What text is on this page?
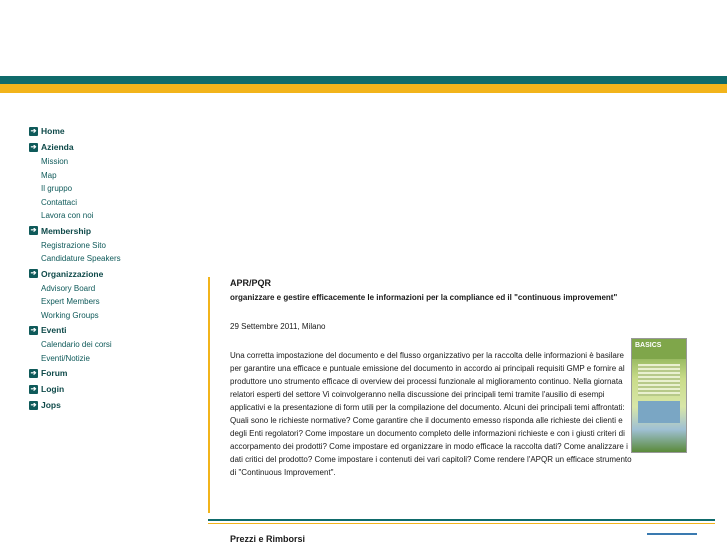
➔ Home
➔ Azienda
Mission
Map
Il gruppo
Contattaci
Lavora con noi
➔ Membership
Registrazione Sito
Candidature Speakers
➔ Organizzazione
Advisory Board
Expert Members
Working Groups
➔ Eventi
Calendario dei corsi
Eventi/Notizie
➔ Forum
➔ Login
➔ Jops
APR/PQR
organizzare e gestire efficacemente le informazioni per la compliance ed il "continuous improvement"
29 Settembre 2011, Milano
Una corretta impostazione del documento e del flusso organizzativo per la raccolta delle informazioni è basilare per garantire una efficace e puntuale emissione del documento in accordo ai principali requisiti GMP e fornire al produttore uno strumento efficace di overview dei processi funzionale al miglioramento continuo. Nella giornata relatori esperti del settore Vi coinvolgeranno nella discussione dei principali temi tramite l'ausilio di esempi applicativi e la presentazione di form utili per la compilazione del documento. Alcuni dei principali temi affrontati: Quali sono le richieste normative? Come garantire che il documento emesso risponda alle richieste dei clienti e degli Enti regolatori? Come impostare un documento completo delle informazioni richieste e con i giusti criteri di accorpamento dei prodotti? Come impostare ed organizzare in modo efficace la raccolta dati? Come analizzare i dati critici del prodotto? Come impostare i contenuti dei vari capitoli? Come rendere l'APQR un efficace strumento di "Continuous Improvement".
BASICS
Prezzi e Rimborsi
